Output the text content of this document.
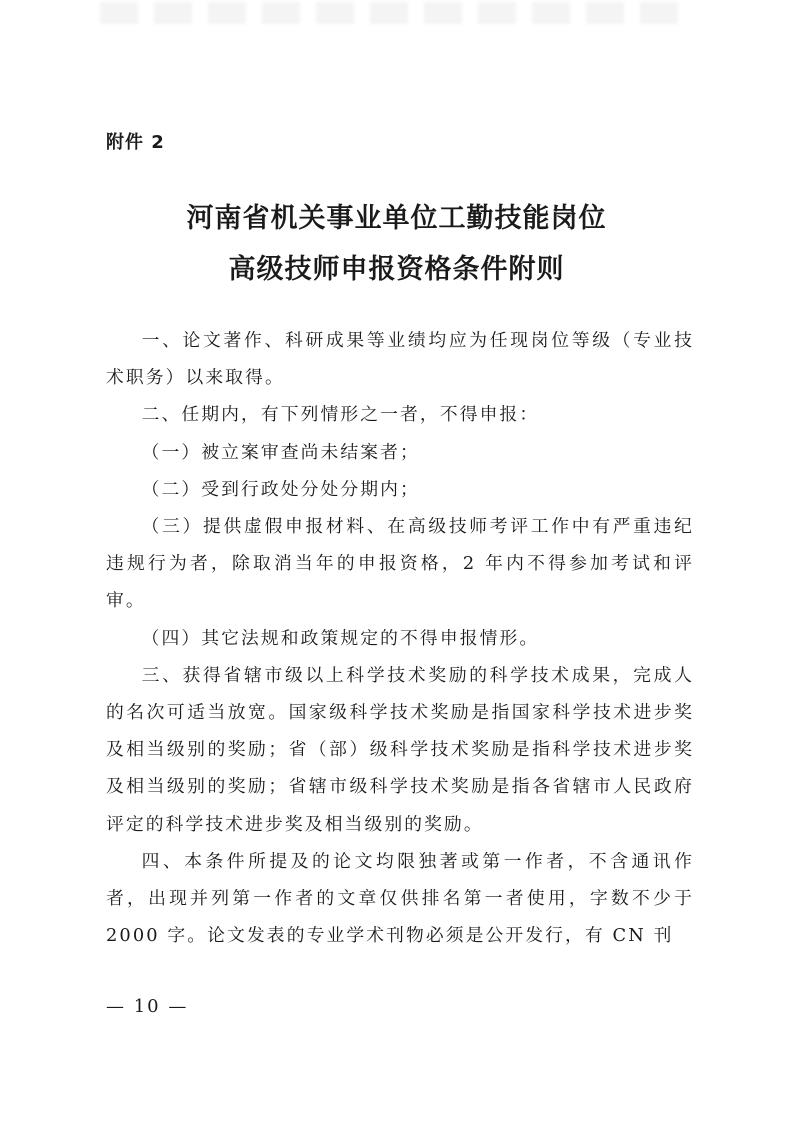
附件 2
河南省机关事业单位工勤技能岗位
高级技师申报资格条件附则

一、论文著作、科研成果等业绩均应为任现岗位等级（专业技术职务）以来取得。

二、任期内，有下列情形之一者，不得申报：

（一）被立案审查尚未结案者；

（二）受到行政处分处分期内；

（三）提供虚假申报材料、在高级技师考评工作中有严重违纪违规行为者，除取消当年的申报资格，2 年内不得参加考试和评审。

（四）其它法规和政策规定的不得申报情形。

三、获得省辖市级以上科学技术奖励的科学技术成果，完成人的名次可适当放宽。国家级科学技术奖励是指国家科学技术进步奖及相当级别的奖励；省（部）级科学技术奖励是指科学技术进步奖及相当级别的奖励；省辖市级科学技术奖励是指各省辖市人民政府评定的科学技术进步奖及相当级别的奖励。

四、本条件所提及的论文均限独著或第一作者，不含通讯作者，出现并列第一作者的文章仅供排名第一者使用，字数不少于2000 字。论文发表的专业学术刊物必须是公开发行，有 CN 刊

— 10 —
